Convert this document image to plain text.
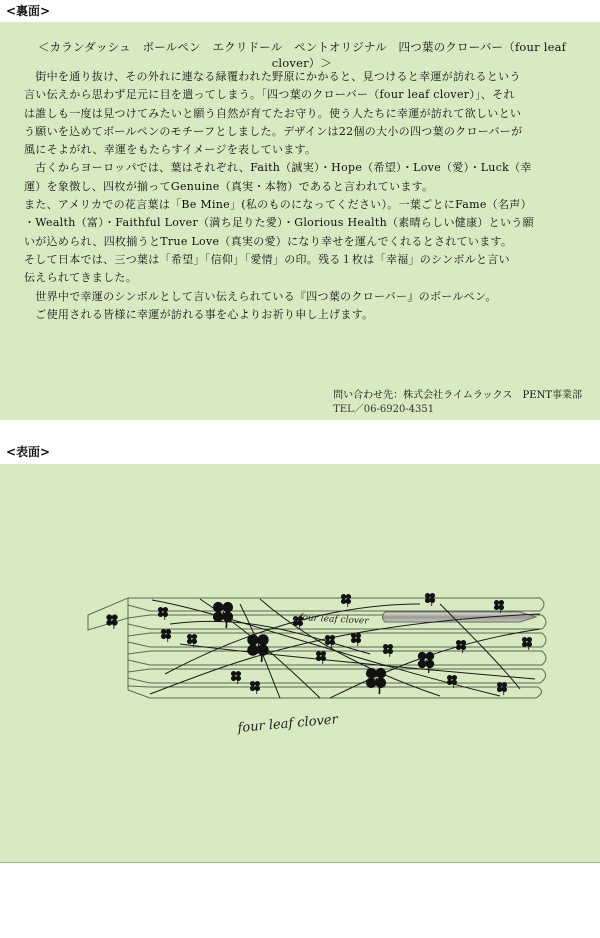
<裏面>
＜カランダッシュ　ボールペン　エクリドール　ペントオリジナル　四つ葉のクローバー（four leaf clover）＞

　街中を通り抜け、その外れに連なる緑覆われた野原にかかると、見つけると幸運が訪れるという

言い伝えから思わず足元に目を遣ってしまう。「四つ葉のクローバー（four leaf clover）」、それ

は誰しも一度は見つけてみたいと願う自然が育てたお守り。使う人たちに幸運が訪れて欲しいとい

う願いを込めてボールペンのモチーフとしました。デザインは22個の大小の四つ葉のクローバーが

風にそよがれ、幸運をもたらすイメージを表しています。

　古くからヨーロッパでは、葉はそれぞれ、Faith（誠実）・Hope（希望）・Love（愛）・Luck（幸

運）を象徴し、四枚が揃ってGenuine（真実・本物）であると言われています。

また、アメリカでの花言葉は「Be Mine」(私のものになってください）。一葉ごとにFame（名声）

・Wealth（富）・Faithful Lover（満ち足りた愛）・Glorious Health（素晴らしい健康）という願

いが込められ、四枚揃うとTrue Love（真実の愛）になり幸せを運んでくれるとされています。

そして日本では、三つ葉は「希望」「信仰」「愛情」の印。残る１枚は「幸福」のシンボルと言い

伝えられてきました。

　世界中で幸運のシンボルとして言い伝えられている『四つ葉のクローバー』のボールペン。

　ご使用される皆様に幸運が訪れる事を心よりお祈り申し上げます。

問い合わせ先：株式会社ライムラックス　PENT事業部
TEL／06-6920-4351
<表面>
four leaf clover
four leaf clover
